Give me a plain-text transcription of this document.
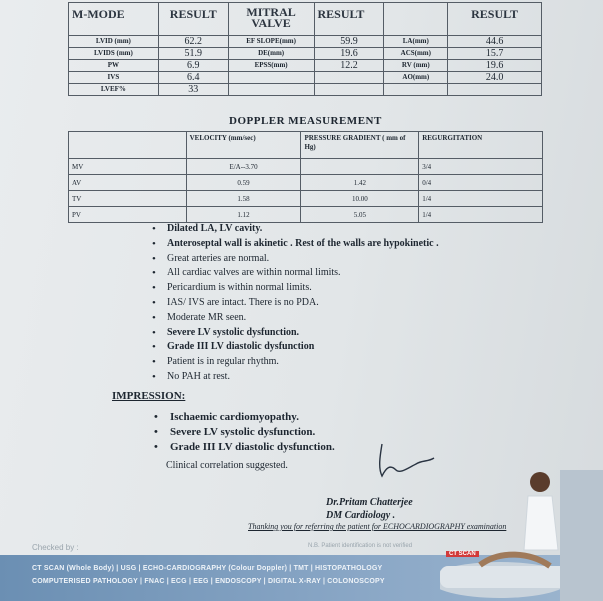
M-MODE	RESULT	MITRAL VALVE	RESULT		RESULT
LVID (mm)	62.2	EF SLOPE(mm)	59.9	LA(mm)	44.6
LVIDS (mm)	51.9	DE(mm)	19.6	ACS(mm)	15.7
PW	6.9	EPSS(mm)	12.2	RV (mm)	19.6
IVS	6.4			AO(mm)	24.0
LVEF%	33				
DOPPLER MEASUREMENT
	VELOCITY (mm/sec)	PRESSURE GRADIENT ( mm of Hg)	REGURGITATION
MV	E/A--3.70		3/4
AV	0.59	1.42	0/4
TV	1.58	10.00	1/4
PV	1.12	5.05	1/4
• Dilated LA, LV cavity.
• Anteroseptal wall is akinetic . Rest of the walls are hypokinetic .
• Great arteries are normal.
• All cardiac valves are within normal limits.
• Pericardium is within normal limits.
• IAS/ IVS are intact. There is no PDA.
• Moderate MR seen.
• Severe LV systolic dysfunction.
• Grade III LV diastolic dysfunction
• Patient is in regular rhythm.
• No PAH at rest.
IMPRESSION:
• Ischaemic cardiomyopathy.
• Severe LV systolic dysfunction.
• Grade III LV diastolic dysfunction.
Clinical correlation suggested.
Dr.Pritam Chatterjee
DM Cardiology .
Thanking you for referring the patient for ECHOCARDIOGRAPHY examination
Checked by :	N.B. Patient identification is not verified
CT SCAN (Whole Body) | USG | ECHO-CARDIOGRAPHY (Colour Doppler) | TMT | HISTOPATHOLOGY
COMPUTERISED PATHOLOGY | FNAC | ECG | EEG | ENDOSCOPY | DIGITAL X-RAY | COLONOSCOPY
CT SCAN
